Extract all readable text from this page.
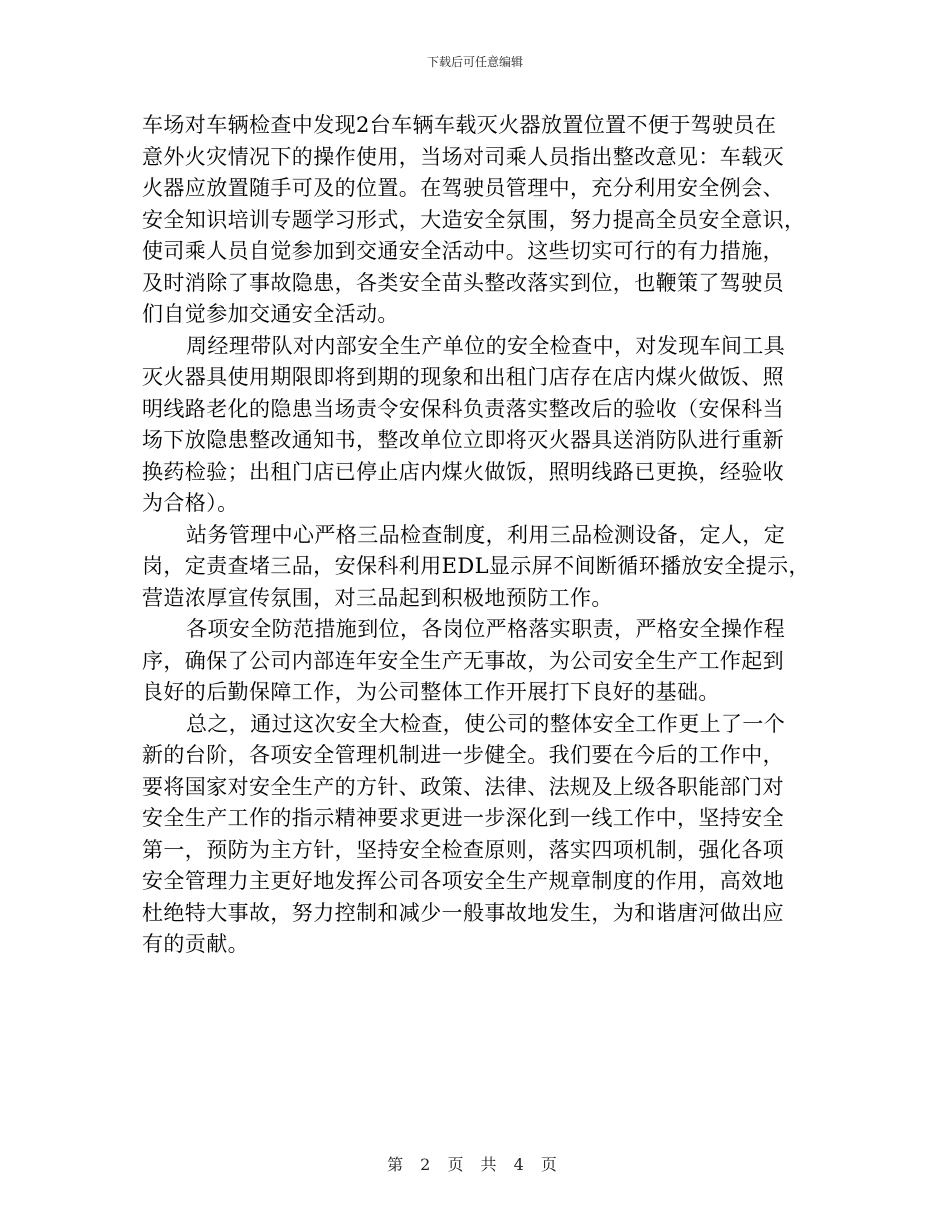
下载后可任意编辑
车场对车辆检查中发现2台车辆车载灭火器放置位置不便于驾驶员在
意外火灾情况下的操作使用，当场对司乘人员指出整改意见：车载灭
火器应放置随手可及的位置。在驾驶员管理中，充分利用安全例会、
安全知识培训专题学习形式，大造安全氛围，努力提高全员安全意识，
使司乘人员自觉参加到交通安全活动中。这些切实可行的有力措施，
及时消除了事故隐患，各类安全苗头整改落实到位，也鞭策了驾驶员
们自觉参加交通安全活动。
周经理带队对内部安全生产单位的安全检查中，对发现车间工具
灭火器具使用期限即将到期的现象和出租门店存在店内煤火做饭、照
明线路老化的隐患当场责令安保科负责落实整改后的验收（安保科当
场下放隐患整改通知书，整改单位立即将灭火器具送消防队进行重新
换药检验；出租门店已停止店内煤火做饭，照明线路已更换，经验收
为合格）。
站务管理中心严格三品检查制度，利用三品检测设备，定人，定
岗，定责查堵三品，安保科利用EDL显示屏不间断循环播放安全提示，
营造浓厚宣传氛围，对三品起到积极地预防工作。
各项安全防范措施到位，各岗位严格落实职责，严格安全操作程
序，确保了公司内部连年安全生产无事故，为公司安全生产工作起到
良好的后勤保障工作，为公司整体工作开展打下良好的基础。
总之，通过这次安全大检查，使公司的整体安全工作更上了一个
新的台阶，各项安全管理机制进一步健全。我们要在今后的工作中，
要将国家对安全生产的方针、政策、法律、法规及上级各职能部门对
安全生产工作的指示精神要求更进一步深化到一线工作中，坚持安全
第一，预防为主方针，坚持安全检查原则，落实四项机制，强化各项
安全管理力主更好地发挥公司各项安全生产规章制度的作用，高效地
杜绝特大事故，努力控制和减少一般事故地发生，为和谐唐河做出应
有的贡献。
第 2 页 共 4 页
